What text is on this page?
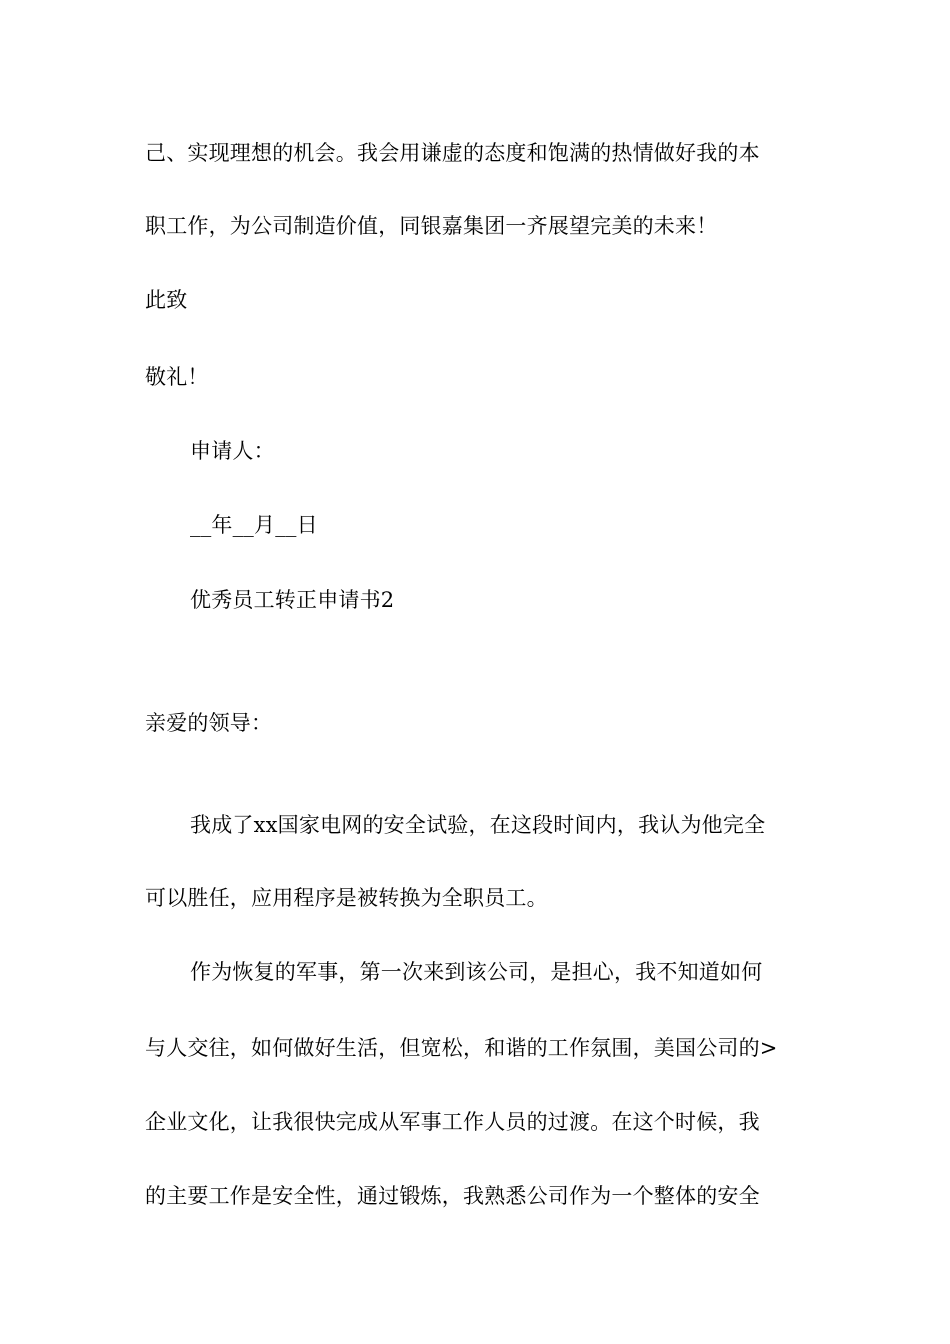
己、实现理想的机会。我会用谦虚的态度和饱满的热情做好我的本
职工作，为公司制造价值，同银嘉集团一齐展望完美的未来！
此致
敬礼！
申请人：
__年__月__日
优秀员工转正申请书2
亲爱的领导：
我成了xx国家电网的安全试验，在这段时间内，我认为他完全
可以胜任，应用程序是被转换为全职员工。
作为恢复的军事，第一次来到该公司，是担心，我不知道如何
与人交往，如何做好生活，但宽松，和谐的工作氛围，美国公司的>
企业文化，让我很快完成从军事工作人员的过渡。在这个时候，我
的主要工作是安全性，通过锻炼，我熟悉公司作为一个整体的安全
